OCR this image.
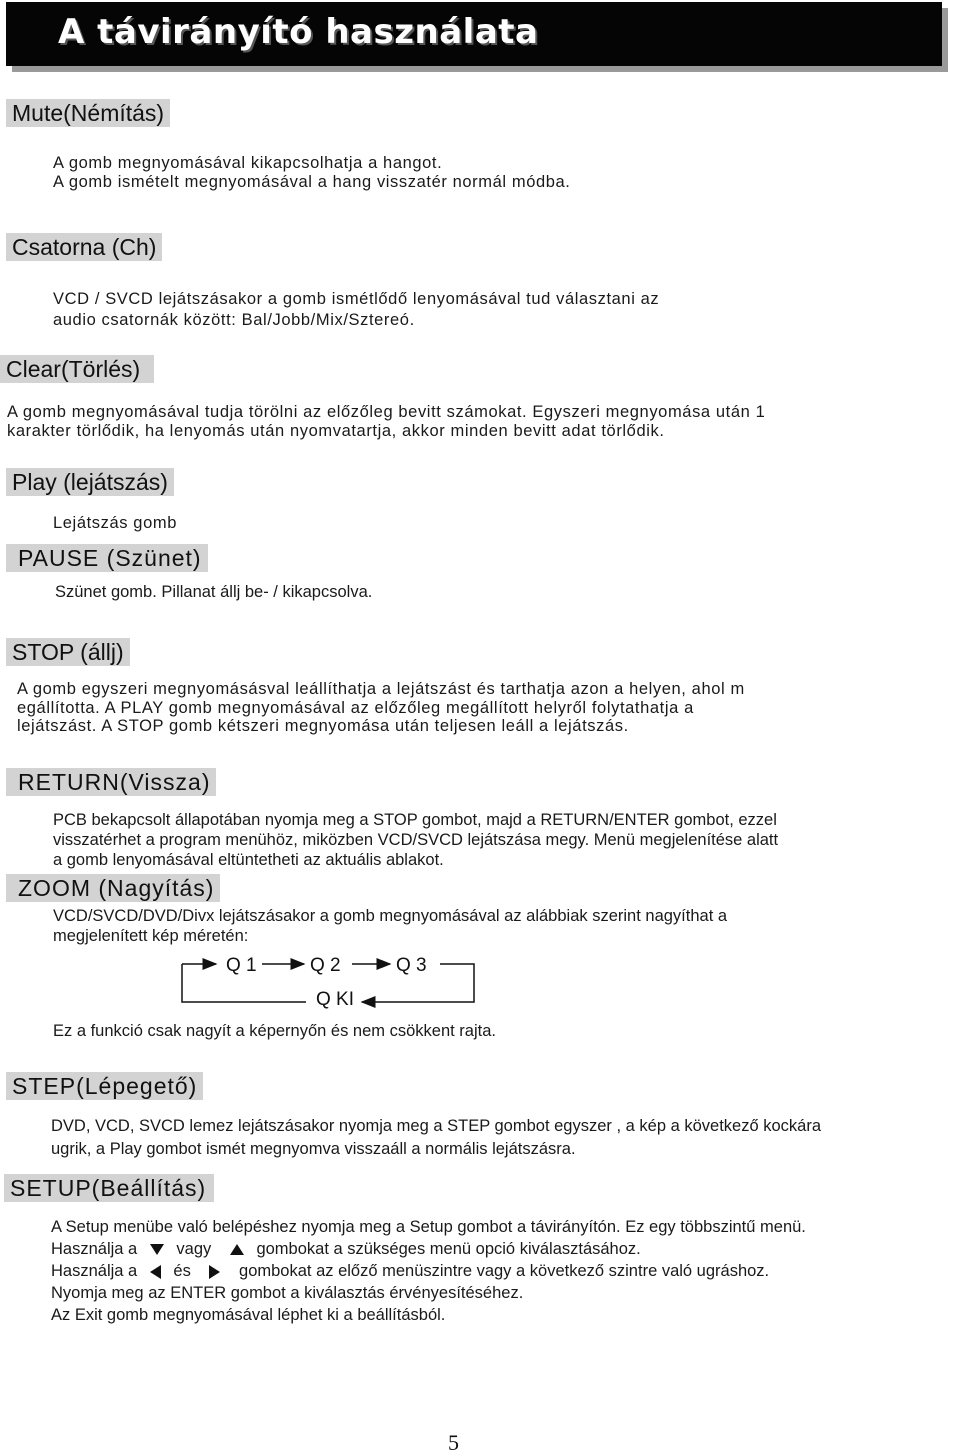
A távirányító használata
Mute(Némítás)
A gomb megnyomásával kikapcsolhatja a hangot.
A gomb ismételt megnyomásával a hang visszatér normál módba.
Csatorna (Ch)
VCD / SVCD lejátszásakor a gomb ismétlődő lenyomásával tud választani az
audio csatornák között: Bal/Jobb/Mix/Sztereó.
Clear(Törlés)
A gomb megnyomásával tudja törölni az előzőleg bevitt számokat. Egyszeri megnyomása után 1
karakter törlődik, ha lenyomás után nyomvatartja, akkor minden bevitt adat törlődik.
Play (lejátszás)
Lejátszás gomb
PAUSE (Szünet)
Szünet gomb. Pillanat állj be- / kikapcsolva.
STOP (állj)
A gomb egyszeri megnyomásásval leállíthatja a lejátszást és tarthatja azon a helyen, ahol m
egállította. A PLAY gomb megnyomásával az előzőleg megállított helyről folytathatja a
lejátszást. A STOP gomb kétszeri megnyomása után teljesen leáll a lejátszás.
RETURN(Vissza)
PCB bekapcsolt állapotában nyomja meg a STOP gombot, majd a RETURN/ENTER gombot, ezzel
visszatérhet a program menühöz, miközben VCD/SVCD lejátszása megy. Menü megjelenítése alatt
a gomb lenyomásával eltüntetheti az aktuális ablakot.
ZOOM (Nagyítás)
VCD/SVCD/DVD/Divx lejátszásakor a gomb megnyomásával az alábbiak szerint nagyíthat a
megjelenített kép méretén:
Q 1	Q 2	Q 3
Q KI
Ez a funkció csak nagyít a képernyőn és nem csökkent rajta.
STEP(Lépegető)
DVD, VCD, SVCD lemez lejátszásakor nyomja meg a STEP gombot egyszer , a kép a következő kockára
ugrik, a Play gombot ismét megnyomva visszaáll a normális lejátszásra.
SETUP(Beállítás)
A Setup menübe való belépéshez nyomja meg a Setup gombot a távirányítón. Ez egy többszintű menü.
Használja a vagy	gombokat a szükséges menü opció kiválasztásához.
Használja a és	gombokat az előző menüszintre vagy a következő szintre való ugráshoz.
Nyomja meg az ENTER gombot a kiválasztás érvényesítéséhez.
Az Exit gomb megnyomásával léphet ki a beállításból.
5
